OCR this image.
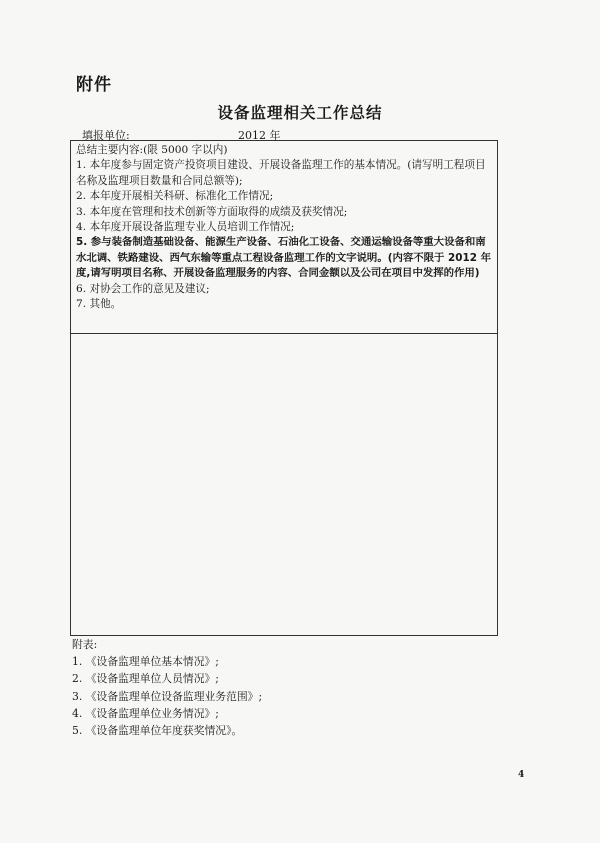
附件
设备监理相关工作总结
填报单位:	2012 年

总结主要内容:(限 5000 字以内)

1. 本年度参与固定资产投资项目建设、开展设备监理工作的基本情况。(请写明工程项目名称及监理项目数量和合同总额等);

2. 本年度开展相关科研、标准化工作情况;

3. 本年度在管理和技术创新等方面取得的成绩及获奖情况;

4. 本年度开展设备监理专业人员培训工作情况;

5. 参与装备制造基础设备、能源生产设备、石油化工设备、交通运输设备等重大设备和南水北调、铁路建设、西气东输等重点工程设备监理工作的文字说明。(内容不限于 2012 年度,请写明项目名称、开展设备监理服务的内容、合同金额以及公司在项目中发挥的作用)

6. 对协会工作的意见及建议;

7. 其他。

附表:

1. 《设备监理单位基本情况》;

2. 《设备监理单位人员情况》;

3. 《设备监理单位设备监理业务范围》;

4. 《设备监理单位业务情况》;

5. 《设备监理单位年度获奖情况》。

4
